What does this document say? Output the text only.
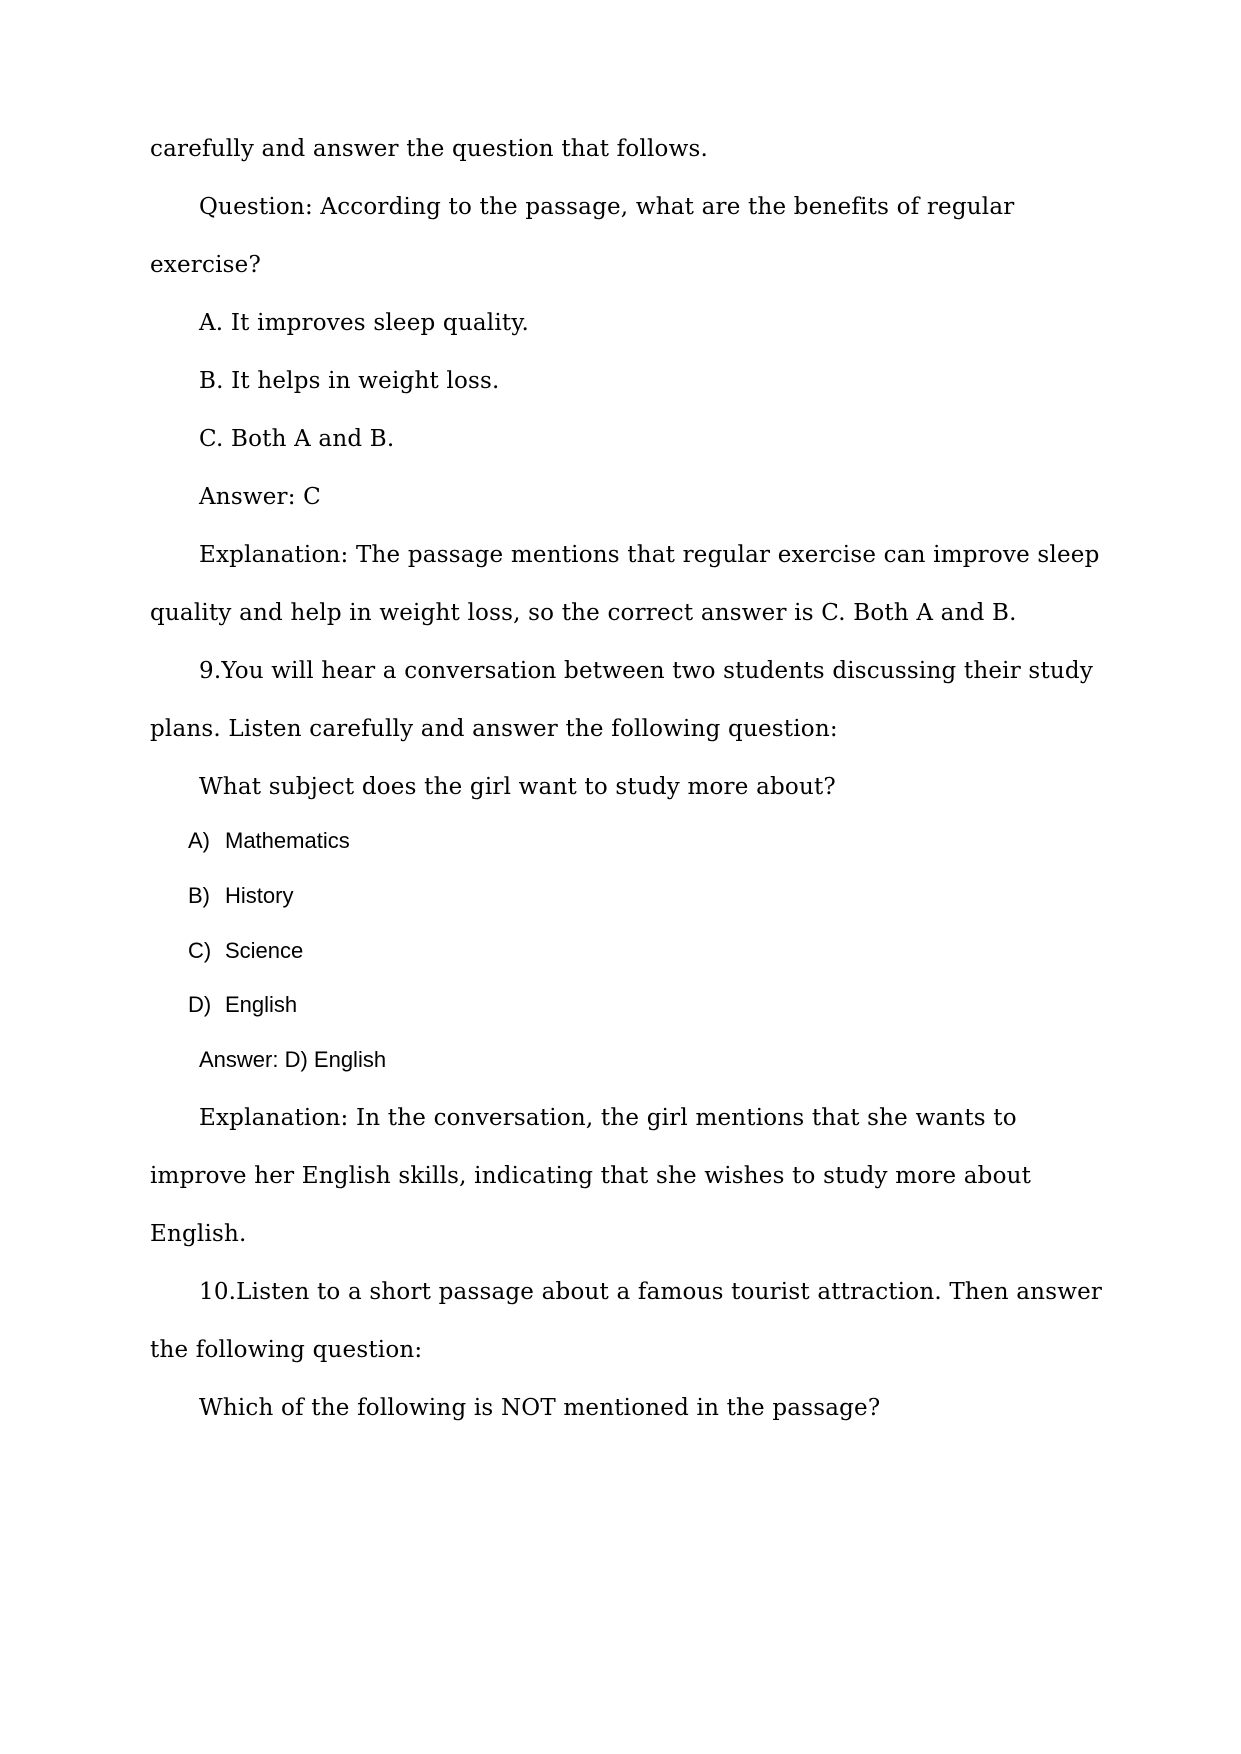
carefully and answer the question that follows.

Question: According to the passage, what are the benefits of regular

exercise?

A. It improves sleep quality.

B. It helps in weight loss.

C. Both A and B.

Answer: C

Explanation: The passage mentions that regular exercise can improve sleep

quality and help in weight loss, so the correct answer is C. Both A and B.

9.You will hear a conversation between two students discussing their study

plans. Listen carefully and answer the following question:

What subject does the girl want to study more about?

A) Mathematics

B) History

C) Science

D) English

Answer: D) English

Explanation: In the conversation, the girl mentions that she wants to

improve her English skills, indicating that she wishes to study more about

English.

10.Listen to a short passage about a famous tourist attraction. Then answer

the following question:

Which of the following is NOT mentioned in the passage?
